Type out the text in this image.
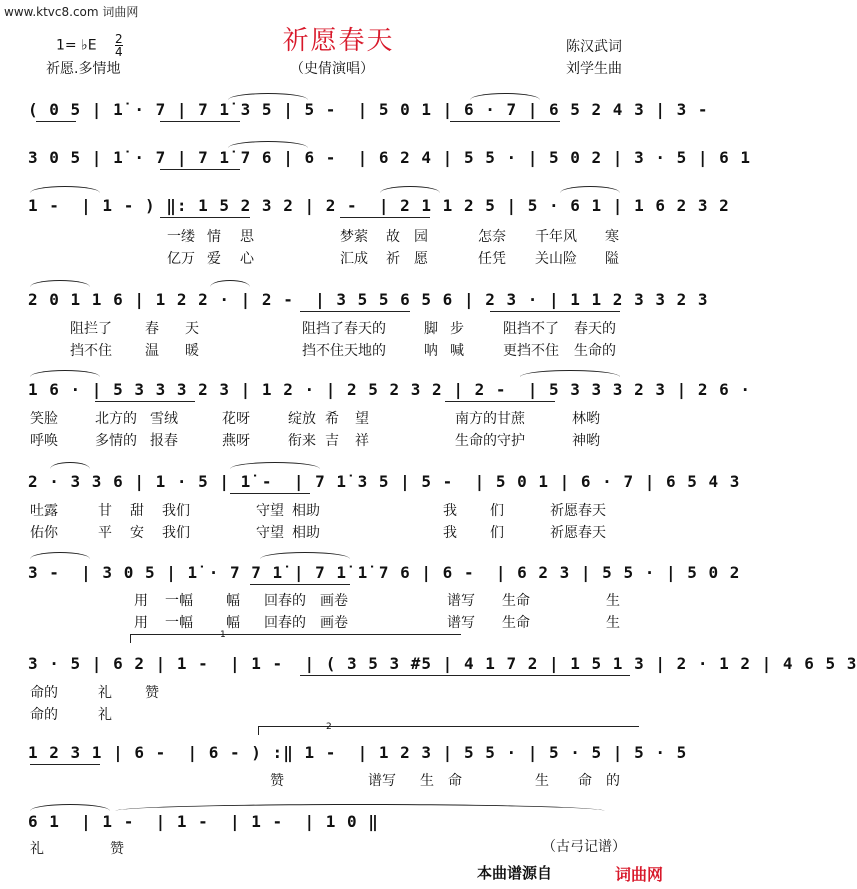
www.ktvc8.com 词曲网
祈愿春天
1= ♭E $\frac{2}{4}$
祈愿.多情地	（史倩演唱）
陈汉武词
刘学生曲
( 0 5 | 1̇ · 7 | 7 1̇ 3 5 | 5 -  | 5 0 1 | 6 · 7 | 6 5 2 4 3 | 3 -
3 0 5 | 1̇ · 7 | 7 1̇ 7 6 | 6 -  | 6 2 4 | 5 5 · | 5 0 2 | 3 · 5 | 6 1
1 -  | 1 - ) ‖: 1 5 2 3 2 | 2 -  | 2 1 1 2 5 | 5 · 6 1 | 1 6 2 3 2
2 0 1 1 6 | 1 2 2 · | 2 -  | 3 5 5 6 5 6 | 2 3 · | 1 1 2 3 3 2 3
1 6 · | 5 3 3 3 2 3 | 1 2 · | 2 5 2 3 2 | 2 -  | 5 3 3 3 2 3 | 2 6 ·
2 · 3 3 6 | 1 · 5 | 1̇ -  | 7 1̇ 3 5 | 5 -  | 5 0 1 | 6 · 7 | 6 5 4 3
3 -  | 3 0 5 | 1̇ · 7 7 1̇ | 7 1̇ 1̇ 7 6 | 6 -  | 6 2 3 | 5 5 · | 5 0 2
3 · 5 | 6 2 | 1 -  | 1 -  | ( 3 5 3 #5 | 4 1 7 2 | 1 5 1 3 | 2 · 1 2 | 4 6 5 3
1 2 3 1 | 6 -  | 6 - ) :‖ 1 -  | 1 2 3 | 5 5 · | 5 · 5 | 5 · 5
6 1  | 1 -  | 1 -  | 1 -  | 1 0 ‖
1
2
一缕 情 思	梦萦 故 园	怎奈 千年风 寒
亿万 爱 心	汇成 祈 愿	任凭 关山险 隘
阻拦了 春 天	阻挡了春天的	脚 步	阻挡不了 春天的
挡不住 温 暖	挡不住天地的	呐 喊	更挡不住 生命的
笑脸	北方的 雪绒	花呀	绽放 希 望	南方的甘蔗	林哟
呼唤	多情的 报春	燕呀	衔来 吉 祥	生命的守护	神哟
吐露	甘 甜 我们	守望 相助	我 们	祈愿春天
佑你	平 安 我们	守望 相助	我 们	祈愿春天
用 一幅 幅 回春的 画卷	谱写 生命	生
用 一幅 幅 回春的 画卷	谱写 生命	生
命的	礼 赞
命的	礼
赞	谱写 生 命	生 命 的
礼	赞	（古弓记谱）
本曲谱源自	词曲网
